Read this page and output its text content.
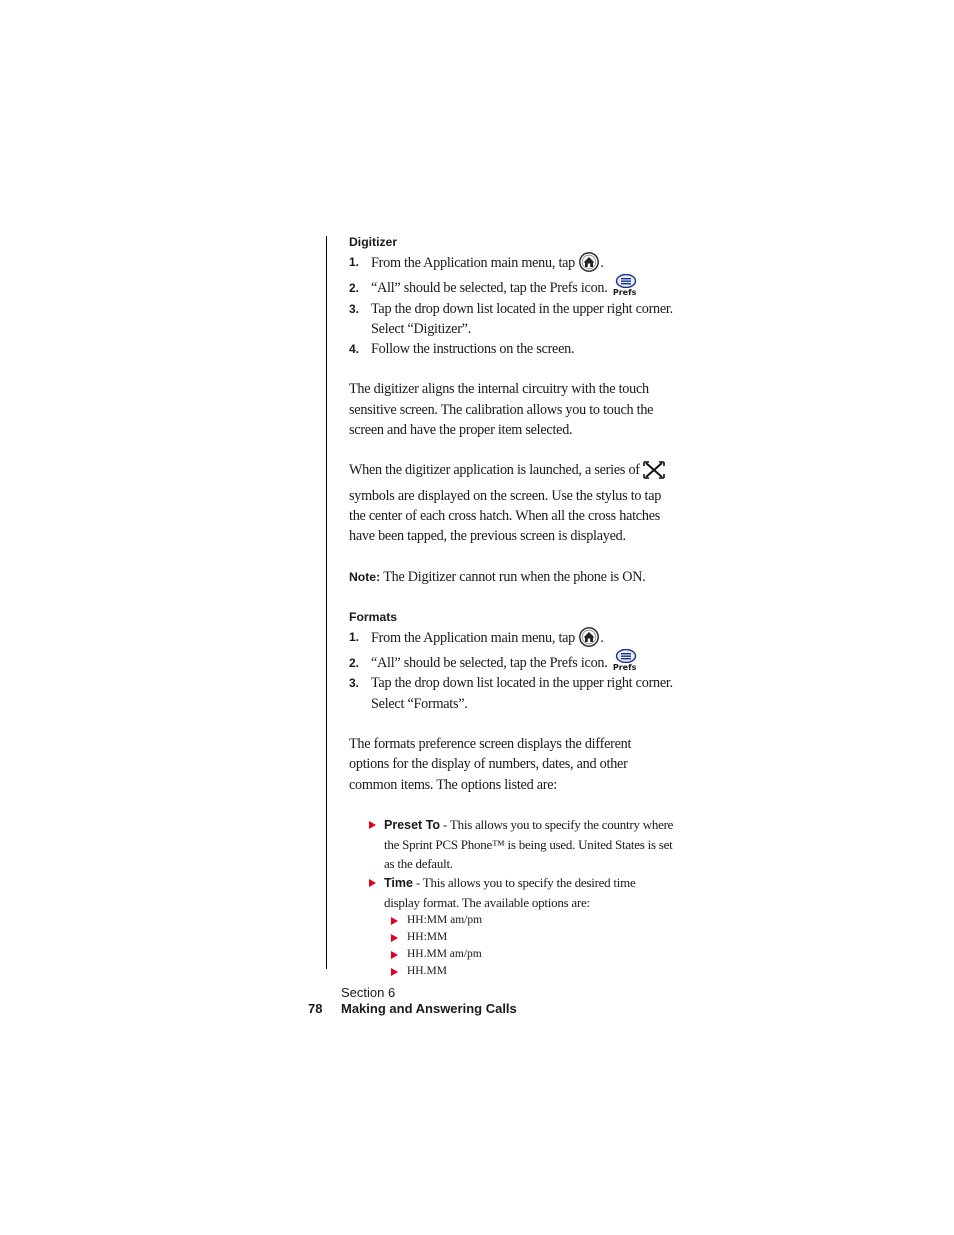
Digitizer
1. From the Application main menu, tap .
2. “All” should be selected, tap the Prefs icon. Prefs
3. Tap the drop down list located in the upper right corner. Select “Digitizer”.
4. Follow the instructions on the screen.

The digitizer aligns the internal circuitry with the touch sensitive screen. The calibration allows you to touch the screen and have the proper item selected.

When the digitizer application is launched, a series of  symbols are displayed on the screen. Use the stylus to tap the center of each cross hatch. When all the cross hatches have been tapped, the previous screen is displayed.

Note: The Digitizer cannot run when the phone is ON.

Formats
1. From the Application main menu, tap .
2. “All” should be selected, tap the Prefs icon. Prefs
3. Tap the drop down list located in the upper right corner. Select “Formats”.

The formats preference screen displays the different options for the display of numbers, dates, and other common items. The options listed are:

Preset To - This allows you to specify the country where the Sprint PCS Phone™ is being used. United States is set as the default.
Time - This allows you to specify the desired time display format. The available options are:
HH:MM am/pm
HH:MM
HH.MM am/pm
HH.MM
Section 6
78 Making and Answering Calls
